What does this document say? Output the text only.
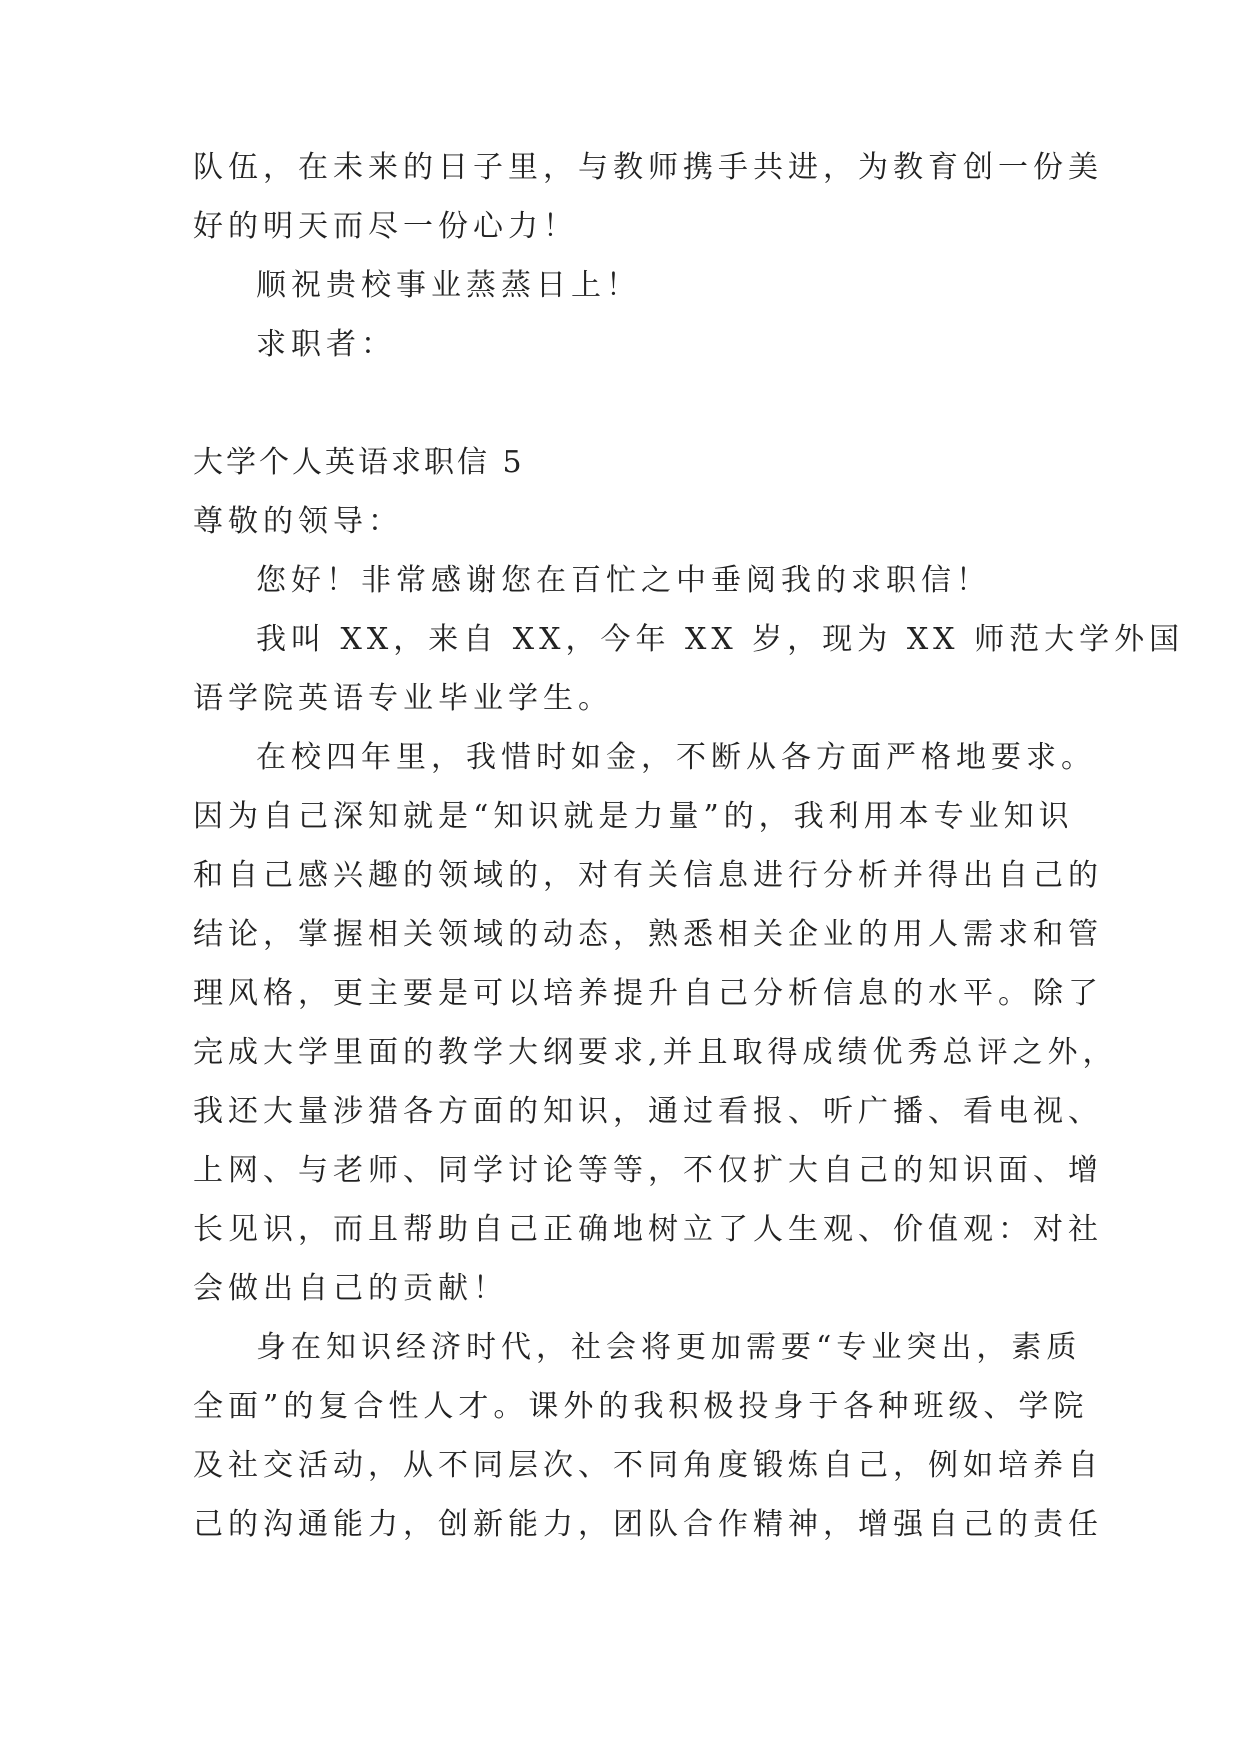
队伍，在未来的日子里，与教师携手共进，为教育创一份美
好的明天而尽一份心力！
顺祝贵校事业蒸蒸日上！
求职者：
大学个人英语求职信 5
尊敬的领导：
您好！非常感谢您在百忙之中垂阅我的求职信！
我叫 XX，来自 XX，今年 XX 岁，现为 XX 师范大学外国
语学院英语专业毕业学生。
在校四年里，我惜时如金，不断从各方面严格地要求。
因为自己深知就是“知识就是力量”的，我利用本专业知识
和自己感兴趣的领域的，对有关信息进行分析并得出自己的
结论，掌握相关领域的动态，熟悉相关企业的用人需求和管
理风格，更主要是可以培养提升自己分析信息的水平。除了
完成大学里面的教学大纲要求,并且取得成绩优秀总评之外，
我还大量涉猎各方面的知识，通过看报、听广播、看电视、
上网、与老师、同学讨论等等，不仅扩大自己的知识面、增
长见识，而且帮助自己正确地树立了人生观、价值观：对社
会做出自己的贡献！
身在知识经济时代，社会将更加需要“专业突出，素质
全面”的复合性人才。课外的我积极投身于各种班级、学院
及社交活动，从不同层次、不同角度锻炼自己，例如培养自
己的沟通能力，创新能力，团队合作精神，增强自己的责任
